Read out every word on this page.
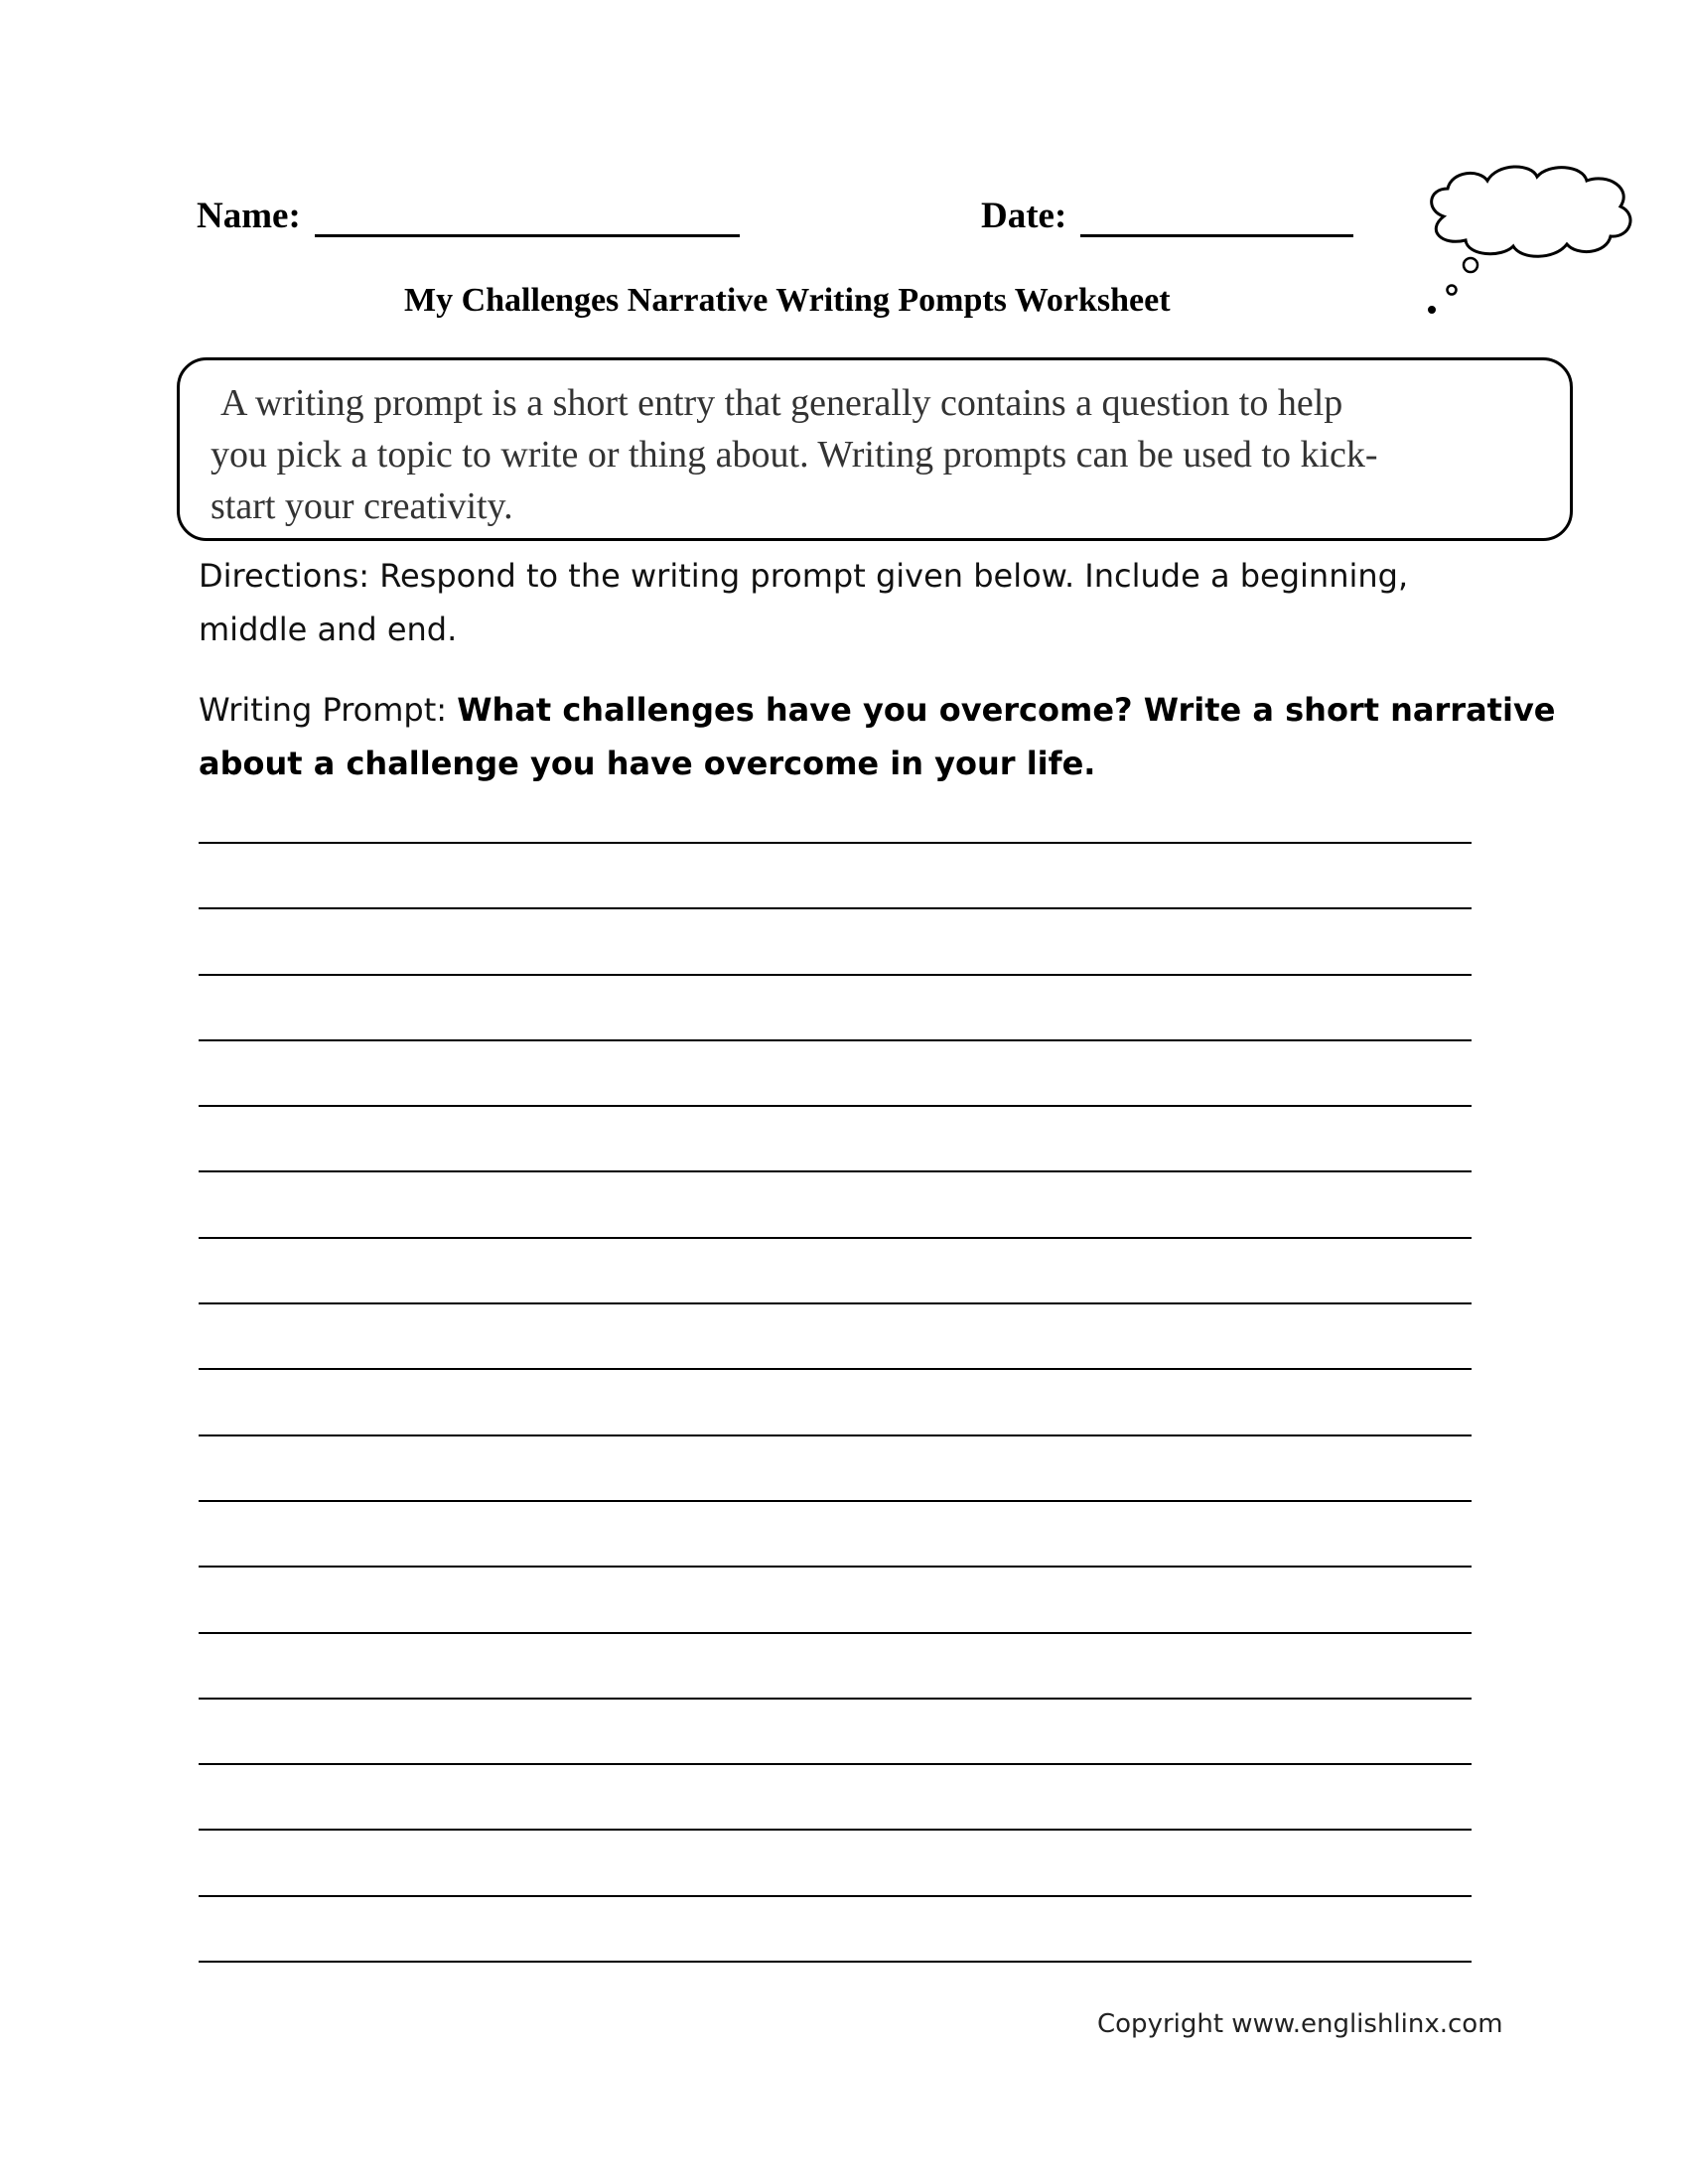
Name:	Date:
My Challenges Narrative Writing Pompts Worksheet

A writing prompt is a short entry that generally contains a question to help
you pick a topic to write or thing about. Writing prompts can be used to kick-
start your creativity.

Directions: Respond to the writing prompt given below. Include a beginning,
middle and end.
Writing Prompt: What challenges have you overcome? Write a short narrative
about a challenge you have overcome in your life.
Copyright www.englishlinx.com
